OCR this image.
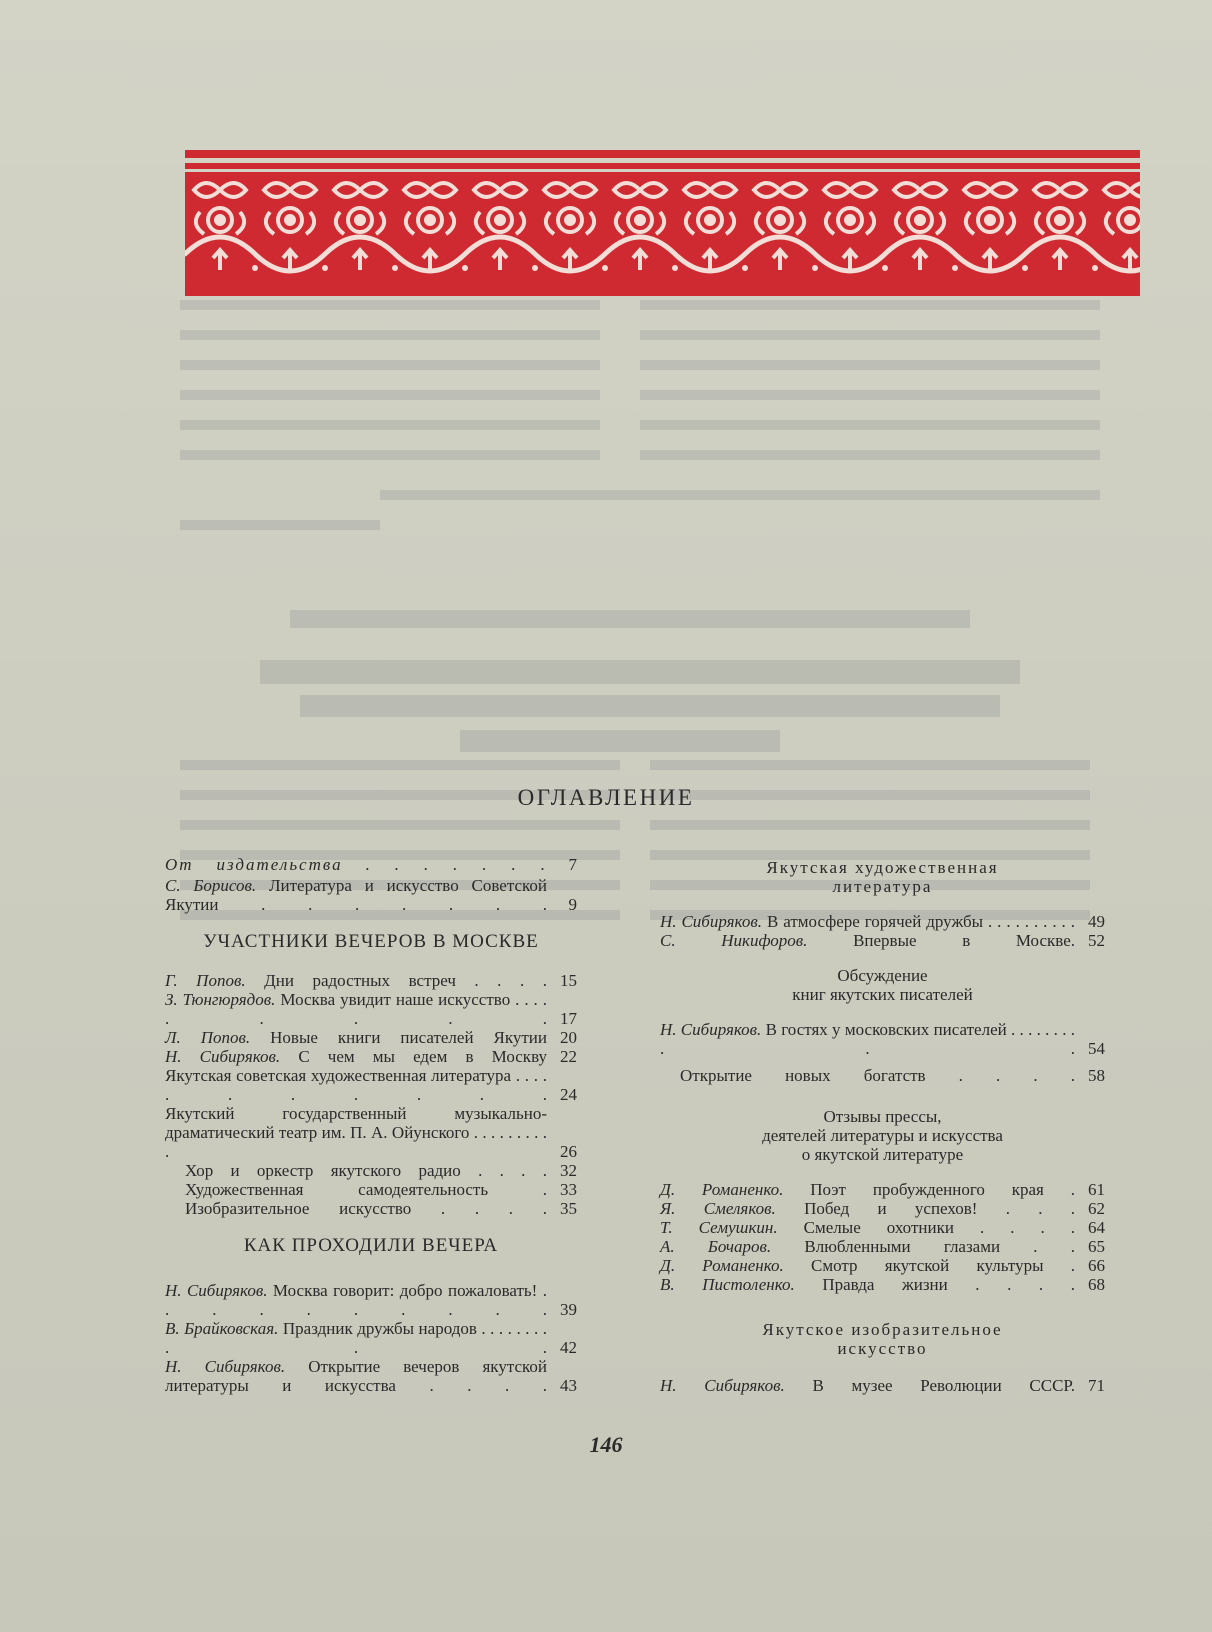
ОГЛАВЛЕНИЕ
От издательства . . . . . . .	7
С. Борисов. Литература и искусство Советской Якутии . . . . . . .	9
УЧАСТНИКИ ВЕЧЕРОВ В МОСКВЕ
Г. Попов. Дни радостных встреч . . . . 15
З. Тюнгюрядов. Москва увидит наше искусство . . . . . . . . . 17
Л. Попов. Новые книги писателей Якутии 20
Н. Сибиряков. С чем мы едем в Москву 22
Якутская советская художественная литература . . . . . . . . . . . 24
Якутский государственный музыкально-драматический театр им. П. А. Ойунского . . . . . . . . . .	26
Хор и оркестр якутского радио . . . . 32
Художественная самодеятельность . 33
Изобразительное искусство . . . . 35
КАК ПРОХОДИЛИ ВЕЧЕРА
Н. Сибиряков. Москва говорит: добро пожаловать! . . . . . . . . . . 39
В. Брайковская. Праздник дружбы народов . . . . . . . . . . . 42
Н. Сибиряков. Открытие вечеров якутской литературы и искусства . . . . 43
Якутская художественная
литература
Н. Сибиряков. В атмосфере горячей дружбы . . . . . . . . . . 49
С. Никифоров.	Впервые в Москве. 52
Обсуждение
книг якутских писателей
Н. Сибиряков. В гостях у московских писателей . . . . . . . . . . . 54
Открытие новых богатств . . . . 58
Отзывы прессы,
деятелей литературы и искусства
о якутской литературе
Д. Романенко. Поэт пробужденного края . 61
Я. Смеляков. Побед и успехов! . . . 62
Т. Семушкин. Смелые охотники . . . . 64
А. Бочаров. Влюбленными глазами . . 65
Д. Романенко. Смотр якутской культуры . 66
В. Пистоленко. Правда жизни . . . . 68
Якутское изобразительное
искусство
Н. Сибиряков. В музее Революции СССР. 71
146
